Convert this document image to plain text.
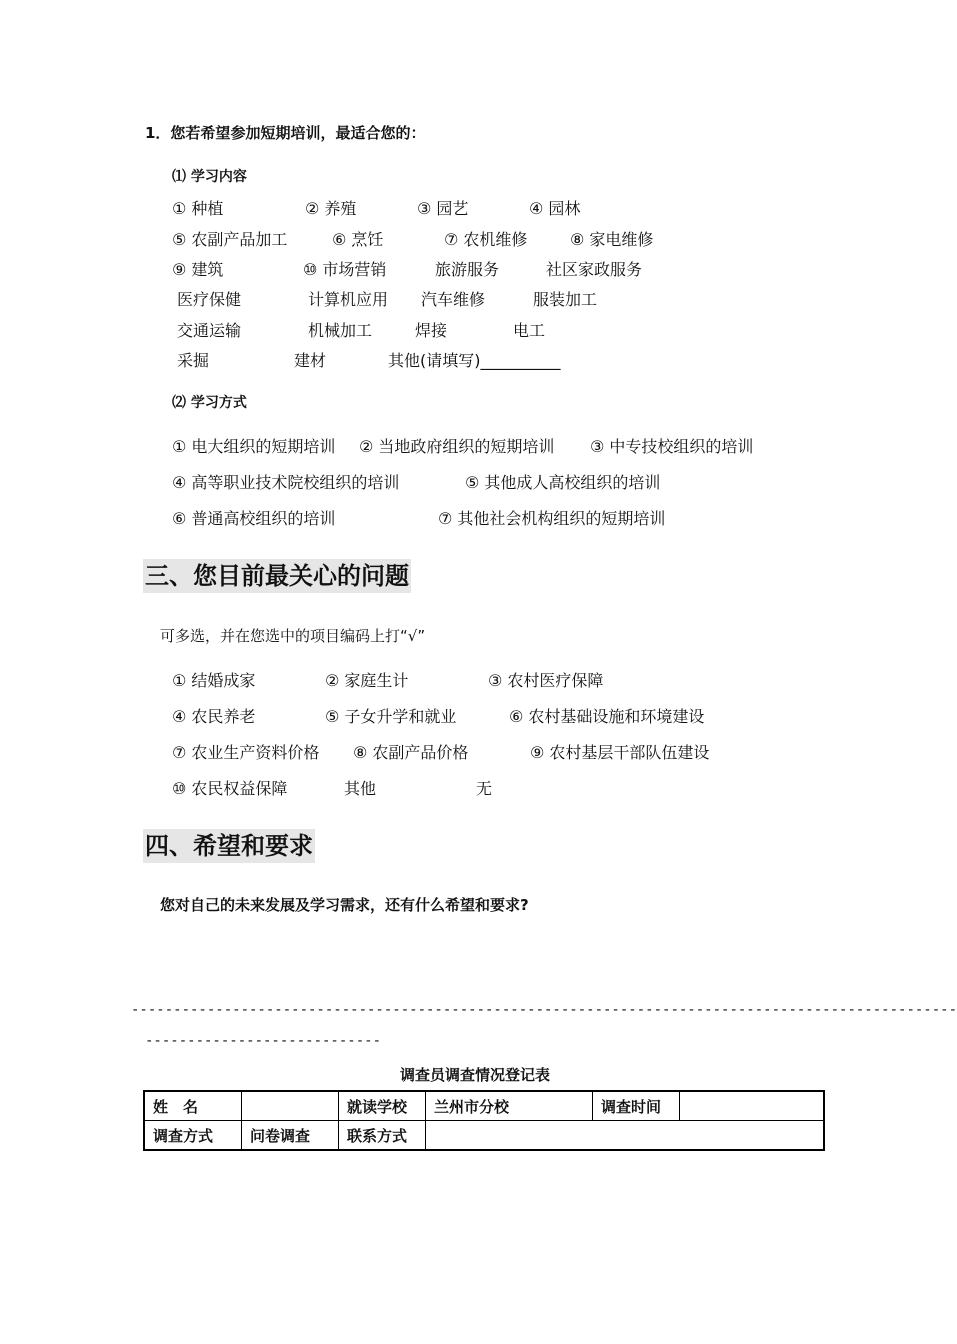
1．您若希望参加短期培训，最适合您的：
⑴ 学习内容
① 种植	② 养殖	③ 园艺	④ 园林
⑤ 农副产品加工	⑥ 烹饪	⑦ 农机维修	⑧ 家电维修
⑨ 建筑	⑩ 市场营销	旅游服务	社区家政服务
医疗保健	计算机应用 汽车维修	服装加工
交通运输	机械加工	焊接	电工
采掘	建材	其他(请填写)__________
⑵ 学习方式
① 电大组织的短期培训 ② 当地政府组织的短期培训 ③ 中专技校组织的培训
④ 高等职业技术院校组织的培训	⑤ 其他成人高校组织的培训
⑥ 普通高校组织的培训	⑦ 其他社会机构组织的短期培训
三、您目前最关心的问题
可多选，并在您选中的项目编码上打“√”
① 结婚成家	② 家庭生计	③ 农村医疗保障
④ 农民养老	⑤ 子女升学和就业	⑥ 农村基础设施和环境建设
⑦ 农业生产资料价格 ⑧ 农副产品价格	⑨ 农村基层干部队伍建设
⑩ 农民权益保障	其他	无
四、希望和要求
您对自己的未来发展及学习需求，还有什么希望和要求?
--------------------------------------------------------------------------------------------------
----------------------------
调查员调查情况登记表
姓　名		就读学校	兰州市分校	调查时间	
调查方式	问卷调查	联系方式			
